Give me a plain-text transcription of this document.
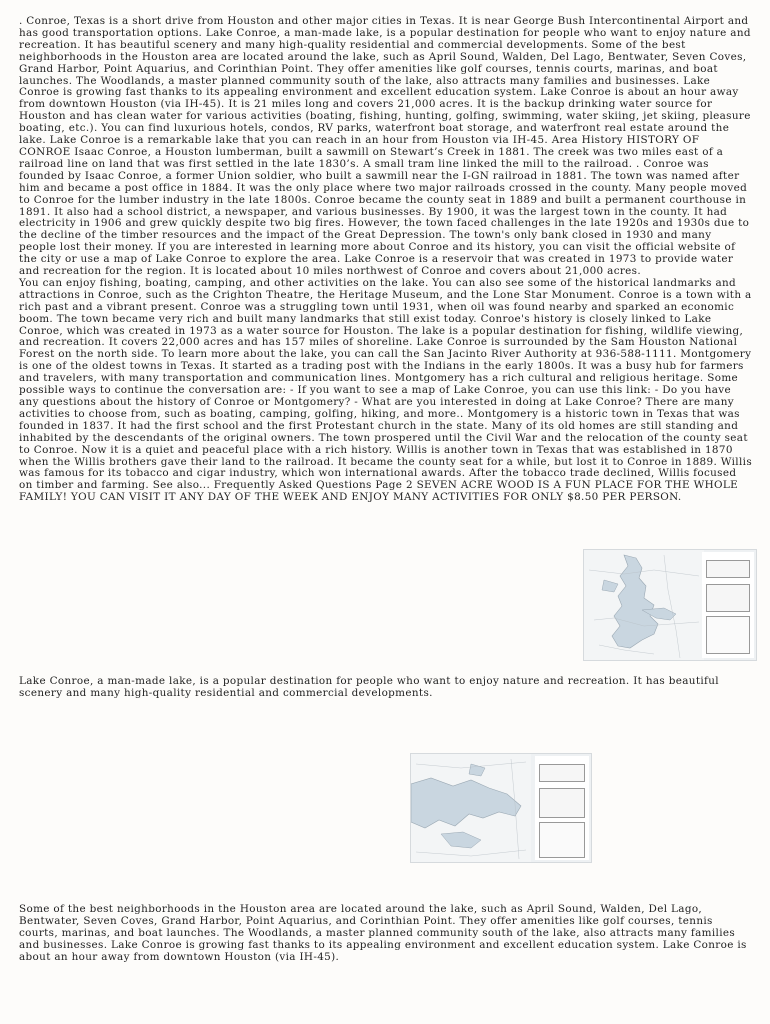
. Conroe, Texas is a short drive from Houston and other major cities in Texas. It is near George Bush Intercontinental Airport and has good transportation options. Lake Conroe, a man-made lake, is a popular destination for people who want to enjoy nature and recreation. It has beautiful scenery and many high-quality residential and commercial developments. Some of the best neighborhoods in the Houston area are located around the lake, such as April Sound, Walden, Del Lago, Bentwater, Seven Coves, Grand Harbor, Point Aquarius, and Corinthian Point. They offer amenities like golf courses, tennis courts, marinas, and boat launches. The Woodlands, a master planned community south of the lake, also attracts many families and businesses. Lake Conroe is growing fast thanks to its appealing environment and excellent education system. Lake Conroe is about an hour away from downtown Houston (via IH-45). It is 21 miles long and covers 21,000 acres. It is the backup drinking water source for Houston and has clean water for various activities (boating, fishing, hunting, golfing, swimming, water skiing, jet skiing, pleasure boating, etc.). You can find luxurious hotels, condos, RV parks, waterfront boat storage, and waterfront real estate around the lake. Lake Conroe is a remarkable lake that you can reach in an hour from Houston via IH-45. Area History HISTORY OF CONROE Isaac Conroe, a Houston lumberman, built a sawmill on Stewart’s Creek in 1881. The creek was two miles east of a railroad line on land that was first settled in the late 1830’s. A small tram line linked the mill to the railroad. . Conroe was founded by Isaac Conroe, a former Union soldier, who built a sawmill near the I-GN railroad in 1881. The town was named after him and became a post office in 1884. It was the only place where two major railroads crossed in the county. Many people moved to Conroe for the lumber industry in the late 1800s. Conroe became the county seat in 1889 and built a permanent courthouse in 1891. It also had a school district, a newspaper, and various businesses. By 1900, it was the largest town in the county. It had electricity in 1906 and grew quickly despite two big fires. However, the town faced challenges in the late 1920s and 1930s due to the decline of the timber resources and the impact of the Great Depression. The town's only bank closed in 1930 and many people lost their money. If you are interested in learning more about Conroe and its history, you can visit the official website of the city or use a map of Lake Conroe to explore the area. Lake Conroe is a reservoir that was created in 1973 to provide water and recreation for the region. It is located about 10 miles northwest of Conroe and covers about 21,000 acres.
You can enjoy fishing, boating, camping, and other activities on the lake. You can also see some of the historical landmarks and attractions in Conroe, such as the Crighton Theatre, the Heritage Museum, and the Lone Star Monument. Conroe is a town with a rich past and a vibrant present. Conroe was a struggling town until 1931, when oil was found nearby and sparked an economic boom. The town became very rich and built many landmarks that still exist today. Conroe's history is closely linked to Lake Conroe, which was created in 1973 as a water source for Houston. The lake is a popular destination for fishing, wildlife viewing, and recreation. It covers 22,000 acres and has 157 miles of shoreline. Lake Conroe is surrounded by the Sam Houston National Forest on the north side. To learn more about the lake, you can call the San Jacinto River Authority at 936-588-1111. Montgomery is one of the oldest towns in Texas. It started as a trading post with the Indians in the early 1800s. It was a busy hub for farmers and travelers, with many transportation and communication lines. Montgomery has a rich cultural and religious heritage. Some possible ways to continue the conversation are: - If you want to see a map of Lake Conroe, you can use this link: - Do you have any questions about the history of Conroe or Montgomery? - What are you interested in doing at Lake Conroe? There are many activities to choose from, such as boating, camping, golfing, hiking, and more.. Montgomery is a historic town in Texas that was founded in 1837. It had the first school and the first Protestant church in the state. Many of its old homes are still standing and inhabited by the descendants of the original owners. The town prospered until the Civil War and the relocation of the county seat to Conroe. Now it is a quiet and peaceful place with a rich history. Willis is another town in Texas that was established in 1870 when the Willis brothers gave their land to the railroad. It became the county seat for a while, but lost it to Conroe in 1889. Willis was famous for its tobacco and cigar industry, which won international awards. After the tobacco trade declined, Willis focused on timber and farming. See also... Frequently Asked Questions Page 2 SEVEN ACRE WOOD IS A FUN PLACE FOR THE WHOLE FAMILY! YOU CAN VISIT IT ANY DAY OF THE WEEK AND ENJOY MANY ACTIVITIES FOR ONLY $8.50 PER PERSON.
Lake Conroe, a man-made lake, is a popular destination for people who want to enjoy nature and recreation. It has beautiful scenery and many high-quality residential and commercial developments.
Some of the best neighborhoods in the Houston area are located around the lake, such as April Sound, Walden, Del Lago, Bentwater, Seven Coves, Grand Harbor, Point Aquarius, and Corinthian Point. They offer amenities like golf courses, tennis courts, marinas, and boat launches. The Woodlands, a master planned community south of the lake, also attracts many families and businesses. Lake Conroe is growing fast thanks to its appealing environment and excellent education system. Lake Conroe is about an hour away from downtown Houston (via IH-45).
